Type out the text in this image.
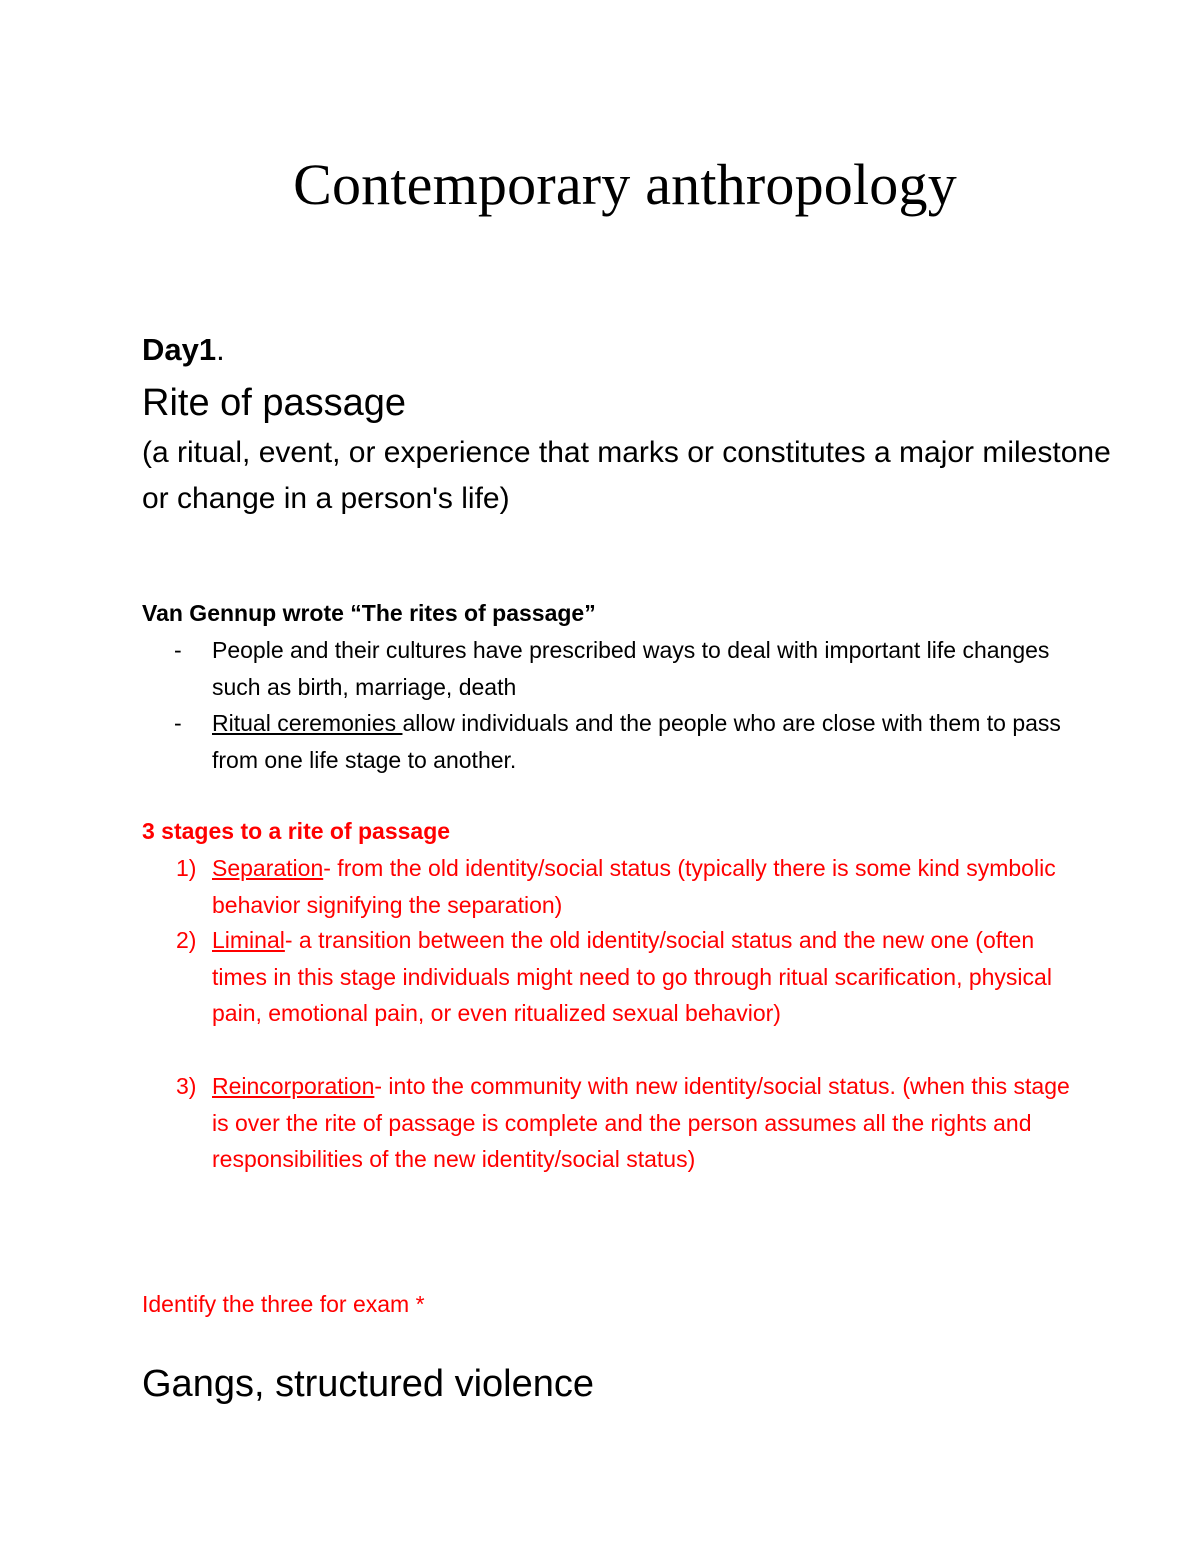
Contemporary anthropology
Day1.
Rite of passage
(a ritual, event, or experience that marks or constitutes a major milestone or change in a person's life)
Van Gennup wrote “The rites of passage”
- People and their cultures have prescribed ways to deal with important life changes such as birth, marriage, death
- Ritual ceremonies allow individuals and the people who are close with them to pass from one life stage to another.
3 stages to a rite of passage
1) Separation- from the old identity/social status (typically there is some kind symbolic behavior signifying the separation)
2) Liminal- a transition between the old identity/social status and the new one (often times in this stage individuals might need to go through ritual scarification, physical pain, emotional pain, or even ritualized sexual behavior)
3) Reincorporation- into the community with new identity/social status. (when this stage is over the rite of passage is complete and the person assumes all the rights and responsibilities of the new identity/social status)
Identify the three for exam *
Gangs, structured violence
